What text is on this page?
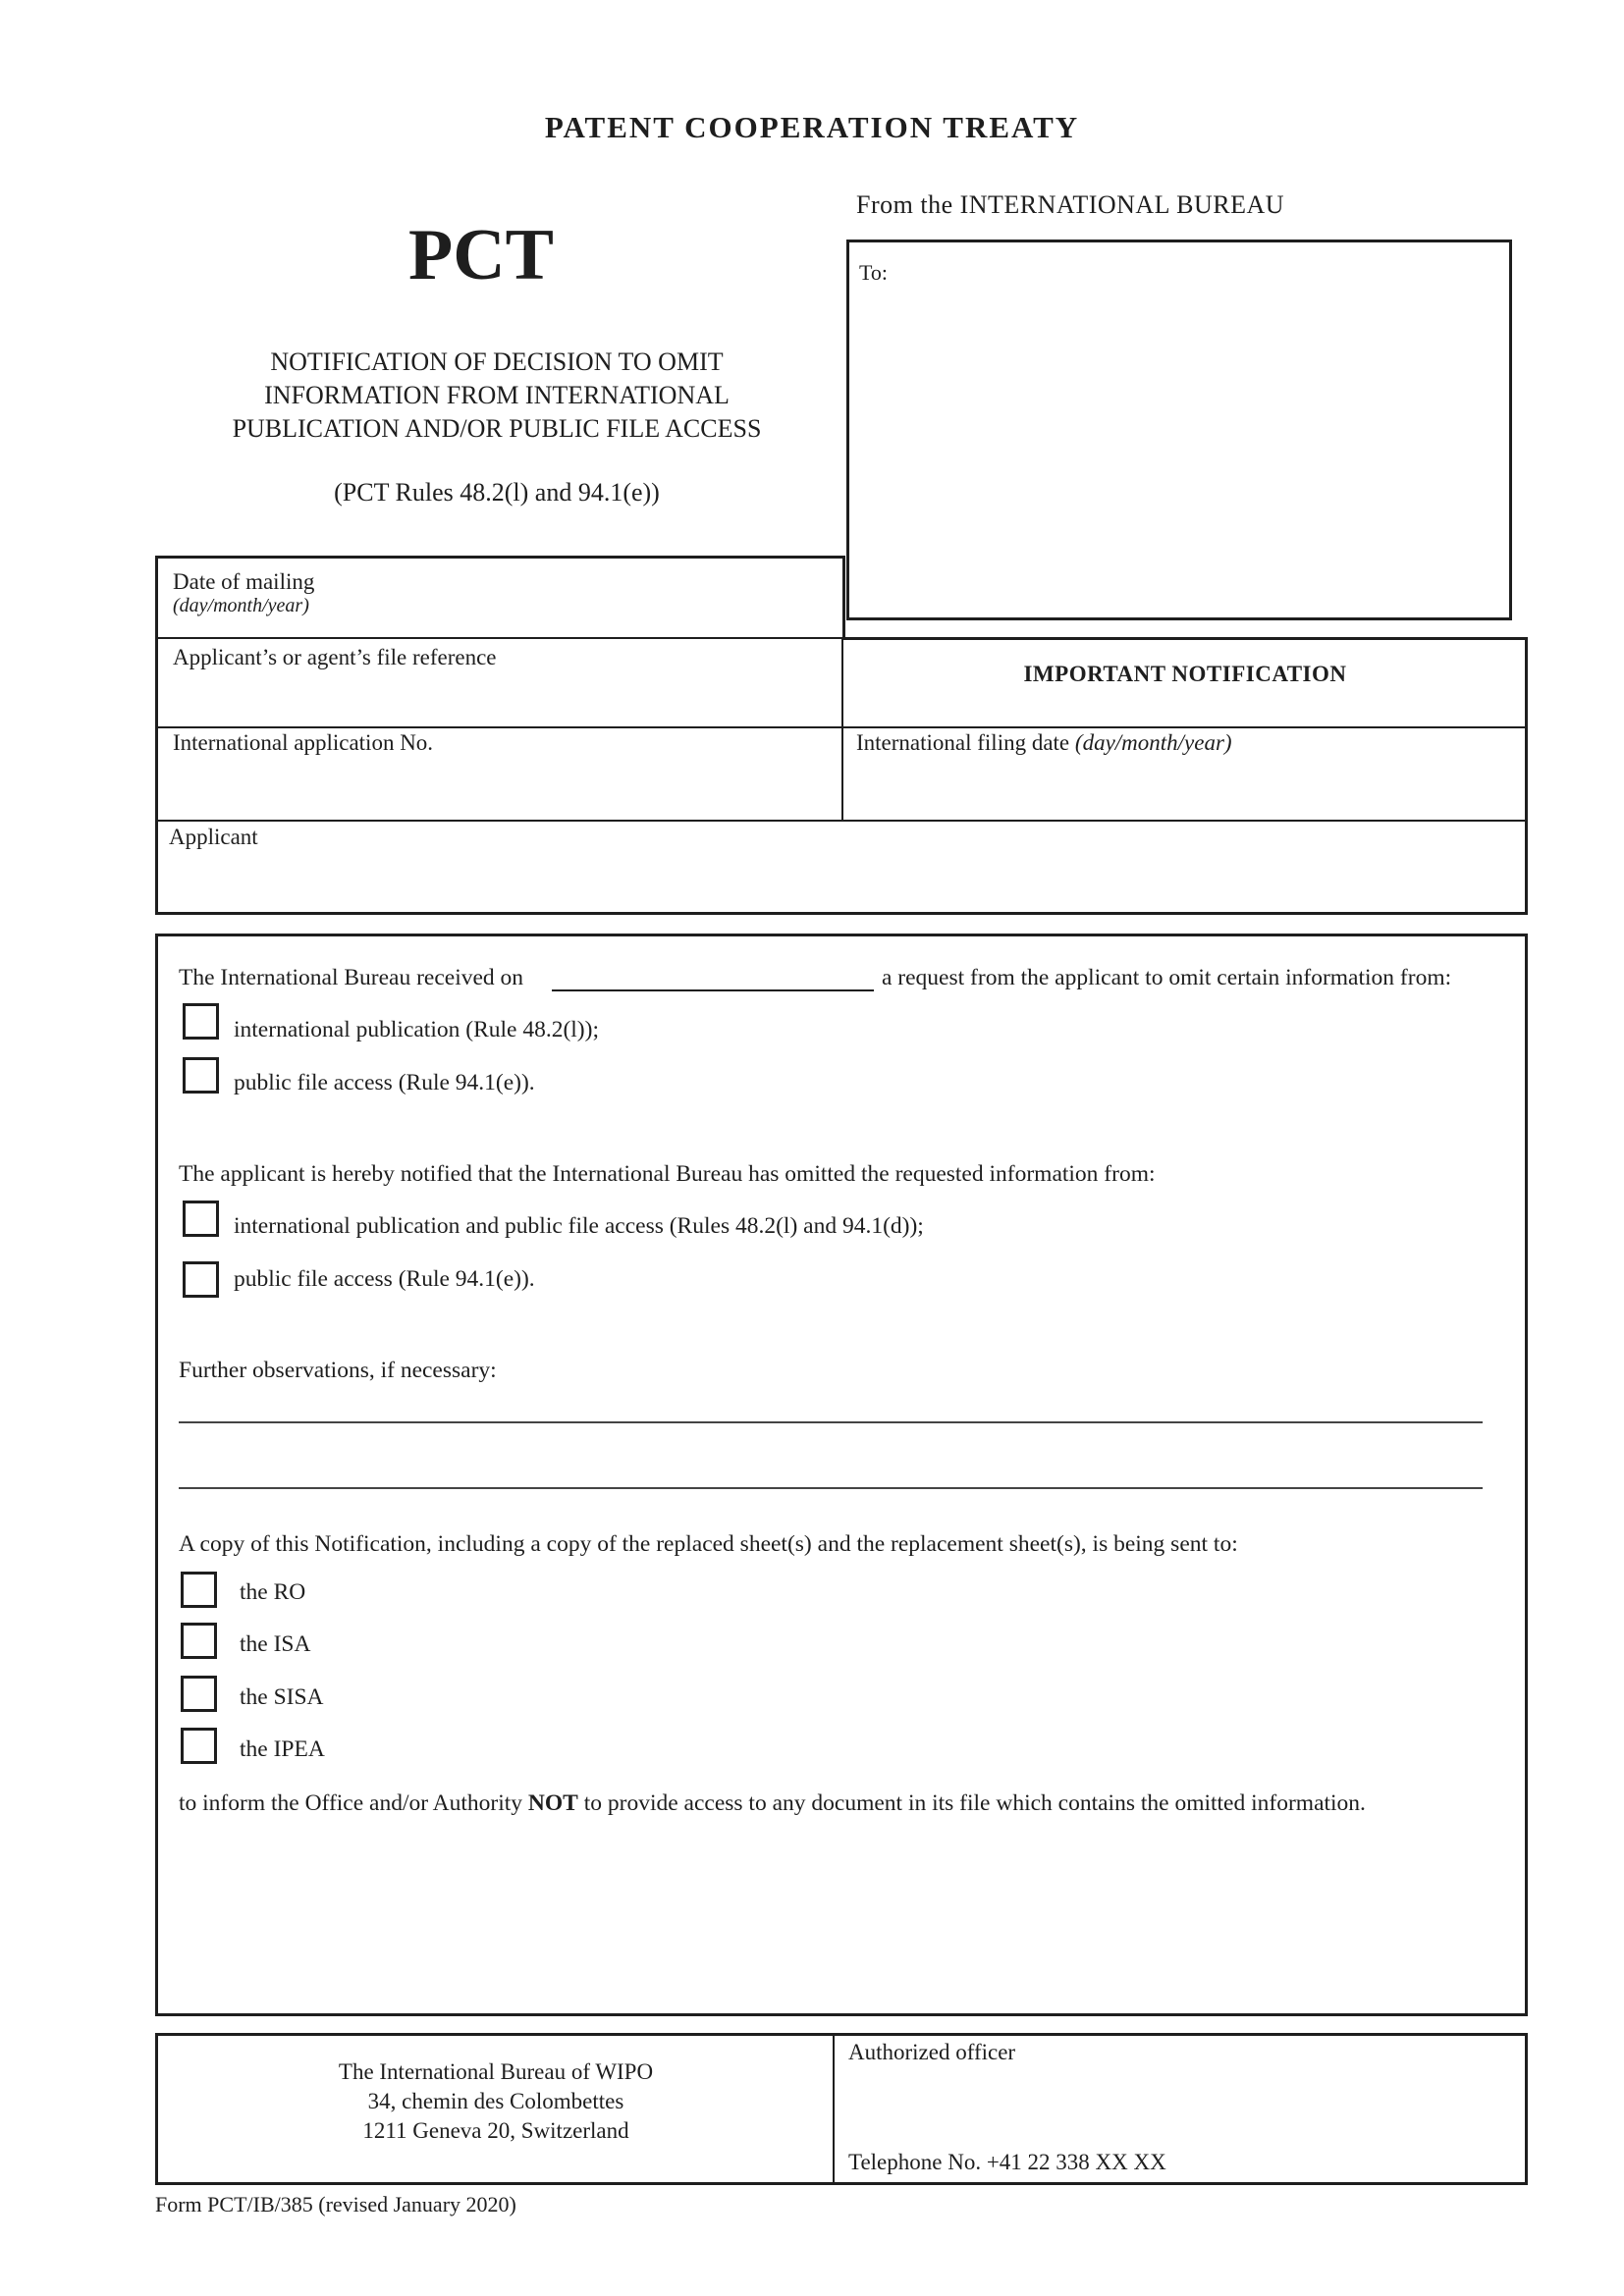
PATENT COOPERATION TREATY
PCT
NOTIFICATION OF DECISION TO OMIT
INFORMATION FROM INTERNATIONAL
PUBLICATION AND/OR PUBLIC FILE ACCESS
(PCT Rules 48.2(l) and 94.1(e))
From the INTERNATIONAL BUREAU
To:
Date of mailing
(day/month/year)
Applicant’s or agent’s file reference
IMPORTANT NOTIFICATION
International application No.	International filing date (day/month/year)
Applicant
The International Bureau received on	a request from the applicant to omit certain information from:
international publication (Rule 48.2(l));
public file access (Rule 94.1(e)).
The applicant is hereby notified that the International Bureau has omitted the requested information from:
international publication and public file access (Rules 48.2(l) and 94.1(d));
public file access (Rule 94.1(e)).
Further observations, if necessary:
A copy of this Notification, including a copy of the replaced sheet(s) and the replacement sheet(s), is being sent to:
the RO
the ISA
the SISA
the IPEA
to inform the Office and/or Authority NOT to provide access to any document in its file which contains the omitted information.
The International Bureau of WIPO
34, chemin des Colombettes
1211 Geneva 20, Switzerland
Authorized officer
Telephone No. +41 22 338 XX XX
Form PCT/IB/385 (revised January 2020)
